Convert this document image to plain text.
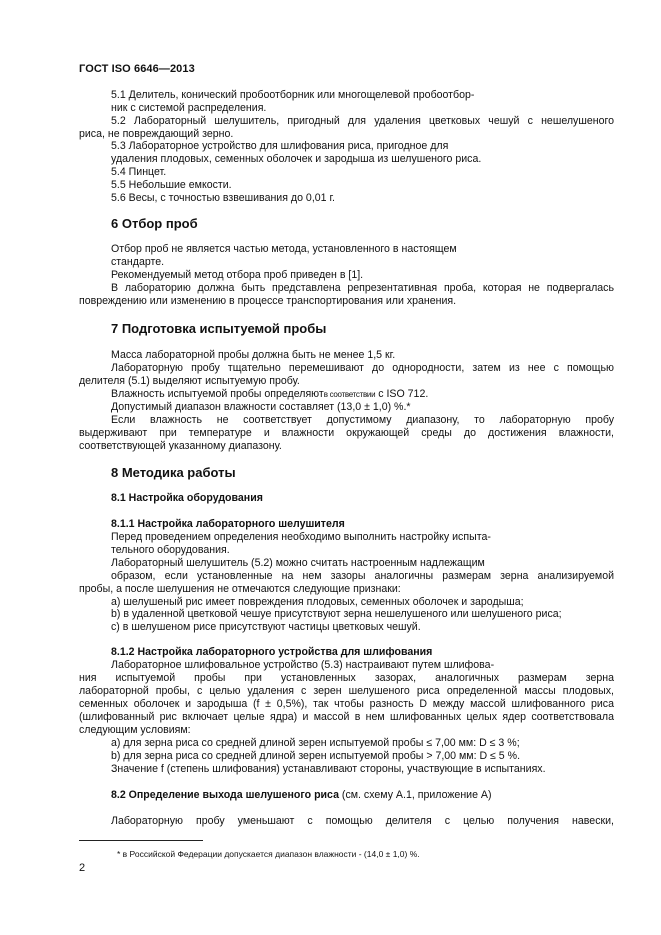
ГОСТ ISO 6646—2013
5.1 Делитель, конический пробоотборник или многощелевой пробоотбор-
ник с системой распределения.
5.2 Лабораторный шелушитель, пригодный для удаления цветковых чешуй с нешелушеного
риса, не повреждающий зерно.
5.3 Лабораторное устройство для шлифования риса, пригодное для
удаления плодовых, семенных оболочек и зародыша из шелушеного риса.
5.4 Пинцет.
5.5 Небольшие емкости.
5.6 Весы, с точностью взвешивания до 0,01 г.
6 Отбор проб
Отбор проб не является частью метода, установленного в настоящем
стандарте.
Рекомендуемый метод отбора проб приведен в [1].
В лабораторию должна быть представлена репрезентативная проба, которая не подвергалась
повреждению или изменению в процессе транспортирования или хранения.
7 Подготовка испытуемой пробы
Масса лабораторной пробы должна быть не менее 1,5 кг.
Лабораторную пробу тщательно перемешивают до однородности, затем из нее с помощью
делителя (5.1) выделяют испытуемую пробу.
Влажность испытуемой пробы определяютв соответствии с ISO 712.
Допустимый диапазон влажности составляет (13,0 ± 1,0) %.*
Если влажность не соответствует допустимому диапазону, то лабораторную пробу
выдерживают при температуре и влажности окружающей среды до достижения влажности,
соответствующей указанному диапазону.
8 Методика работы
8.1 Настройка оборудования
8.1.1 Настройка лабораторного шелушителя
Перед проведением определения необходимо выполнить настройку испыта-
тельного оборудования.
Лабораторный шелушитель (5.2) можно считать настроенным надлежащим
образом, если установленные на нем зазоры аналогичны размерам зерна анализируемой
пробы, а после шелушения не отмечаются следующие признаки:
а) шелушеный рис имеет повреждения плодовых, семенных оболочек и зародыша;
b) в удаленной цветковой чешуе присутствуют зерна нешелушеного или шелушеного риса;
c) в шелушеном рисе присутствуют частицы цветковых чешуй.
8.1.2 Настройка лабораторного устройства для шлифования
Лабораторное шлифовальное устройство (5.3) настраивают путем шлифова-
ния испытуемой пробы при установленных зазорах, аналогичных размерам зерна
лабораторной пробы, с целью удаления с зерен шелушеного риса определенной массы плодовых,
семенных оболочек и зародыша (f ± 0,5%), так чтобы разность D между массой шлифованного риса
(шлифованный рис включает целые ядра) и массой в нем шлифованных целых ядер соответствовала
следующим условиям:
а) для зерна риса со средней длиной зерен испытуемой пробы ≤ 7,00 мм: D ≤ 3 %;
b) для зерна риса со средней длиной зерен испытуемой пробы > 7,00 мм: D ≤ 5 %.
Значение f (степень шлифования) устанавливают стороны, участвующие в испытаниях.
8.2 Определение выхода шелушеного риса (см. схему А.1, приложение А)
Лабораторную пробу уменьшают с помощью делителя с целью получения навески,
* в Российской Федерации допускается диапазон влажности - (14,0 ± 1,0) %.
2
